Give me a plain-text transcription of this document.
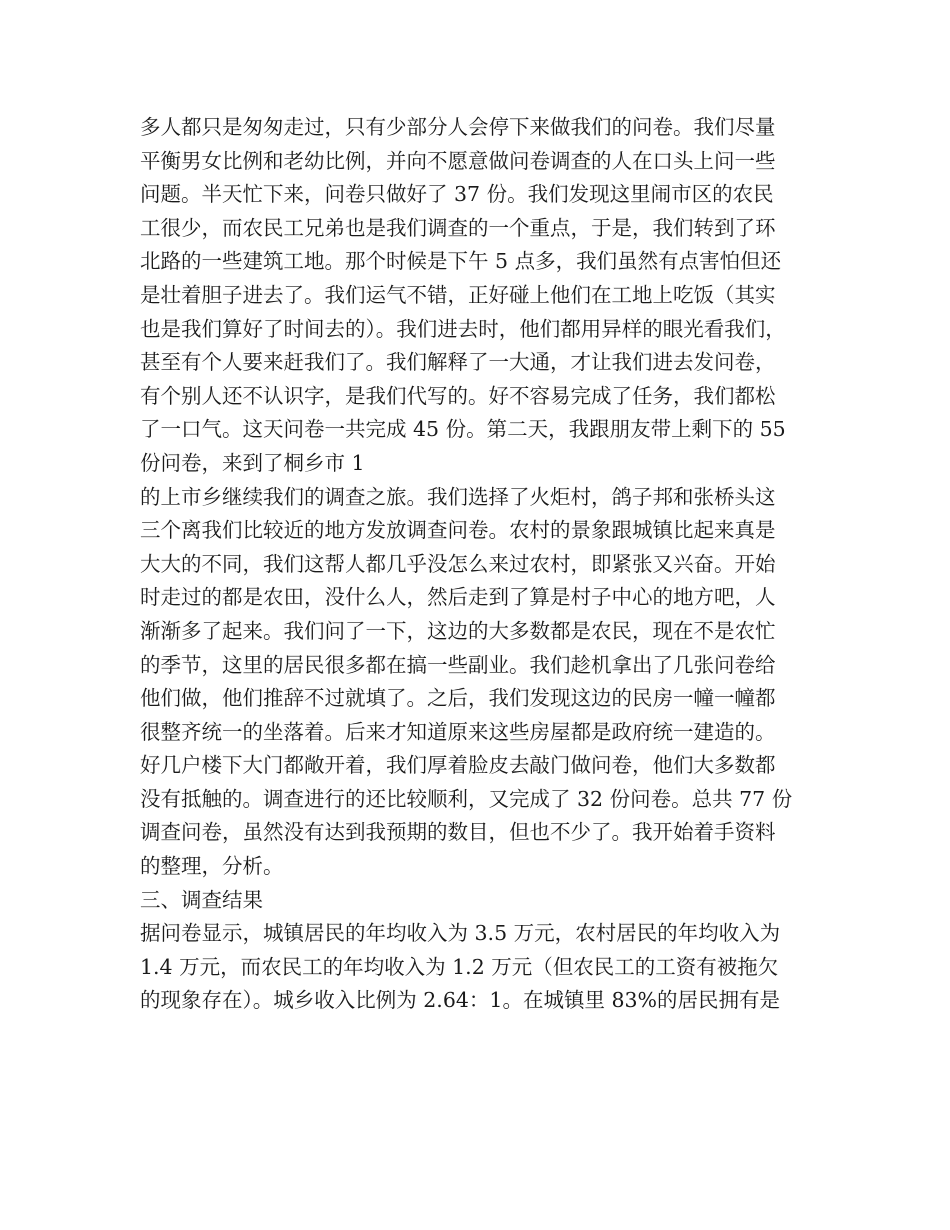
多人都只是匆匆走过，只有少部分人会停下来做我们的问卷。我们尽量
平衡男女比例和老幼比例，并向不愿意做问卷调查的人在口头上问一些
问题。半天忙下来，问卷只做好了 37 份。我们发现这里闹市区的农民
工很少，而农民工兄弟也是我们调查的一个重点，于是，我们转到了环
北路的一些建筑工地。那个时候是下午 5 点多，我们虽然有点害怕但还
是壮着胆子进去了。我们运气不错，正好碰上他们在工地上吃饭（其实
也是我们算好了时间去的）。我们进去时，他们都用异样的眼光看我们，
甚至有个人要来赶我们了。我们解释了一大通，才让我们进去发问卷，
有个别人还不认识字，是我们代写的。好不容易完成了任务，我们都松
了一口气。这天问卷一共完成 45 份。第二天，我跟朋友带上剩下的 55
份问卷，来到了桐乡市 1
的上市乡继续我们的调查之旅。我们选择了火炬村，鸽子邦和张桥头这
三个离我们比较近的地方发放调查问卷。农村的景象跟城镇比起来真是
大大的不同，我们这帮人都几乎没怎么来过农村，即紧张又兴奋。开始
时走过的都是农田，没什么人，然后走到了算是村子中心的地方吧，人
渐渐多了起来。我们问了一下，这边的大多数都是农民，现在不是农忙
的季节，这里的居民很多都在搞一些副业。我们趁机拿出了几张问卷给
他们做，他们推辞不过就填了。之后，我们发现这边的民房一幢一幢都
很整齐统一的坐落着。后来才知道原来这些房屋都是政府统一建造的。
好几户楼下大门都敞开着，我们厚着脸皮去敲门做问卷，他们大多数都
没有抵触的。调查进行的还比较顺利，又完成了 32 份问卷。总共 77 份
调查问卷，虽然没有达到我预期的数目，但也不少了。我开始着手资料
的整理，分析。
三、调查结果
据问卷显示，城镇居民的年均收入为 3.5 万元，农村居民的年均收入为
1.4 万元，而农民工的年均收入为 1.2 万元（但农民工的工资有被拖欠
的现象存在）。城乡收入比例为 2.64：1。在城镇里 83%的居民拥有是
